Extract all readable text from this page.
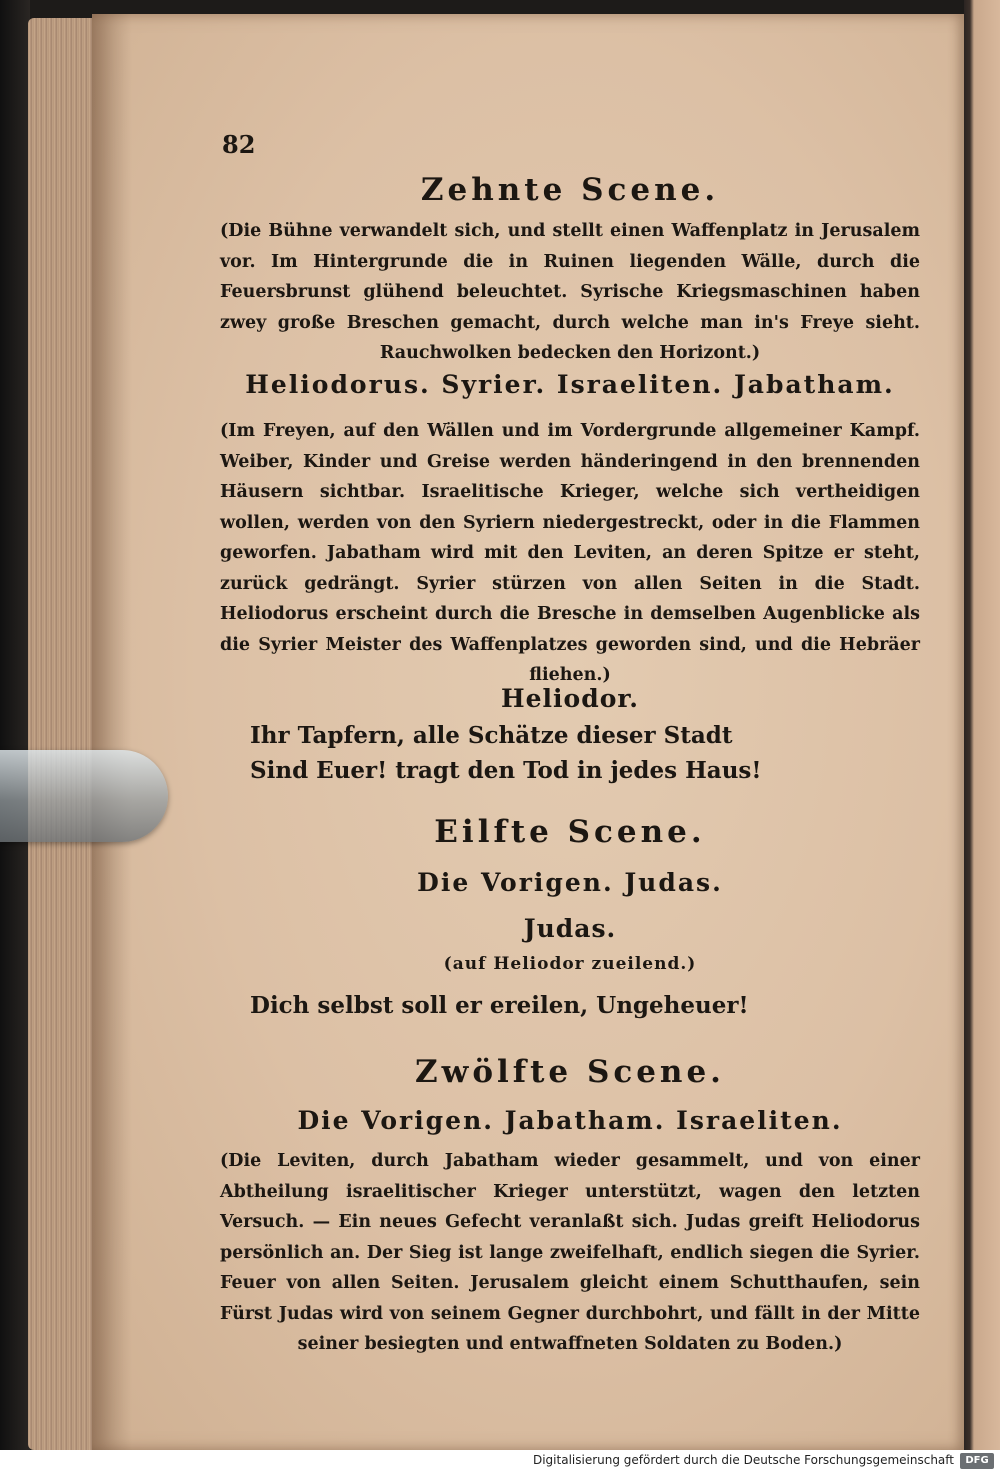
82
Zehnte Scene.
(Die Bühne verwandelt sich, und stellt einen Waffenplatz in Jerusalem vor. Im Hintergrunde die in Ruinen liegenden Wälle, durch die Feuersbrunst glühend beleuchtet. Syrische Kriegsmaschinen haben zwey große Breschen gemacht, durch welche man in's Freye sieht. Rauchwolken bedecken den Horizont.)
Heliodorus. Syrier. Israeliten. Jabatham.
(Im Freyen, auf den Wällen und im Vordergrunde allgemeiner Kampf. Weiber, Kinder und Greise werden händeringend in den brennenden Häusern sichtbar. Israelitische Krieger, welche sich vertheidigen wollen, werden von den Syriern niedergestreckt, oder in die Flammen geworfen. Jabatham wird mit den Leviten, an deren Spitze er steht, zurück gedrängt. Syrier stürzen von allen Seiten in die Stadt. Heliodorus erscheint durch die Bresche in demselben Augenblicke als die Syrier Meister des Waffenplatzes geworden sind, und die Hebräer fliehen.)
Heliodor.
Ihr Tapfern, alle Schätze dieser Stadt
Sind Euer! tragt den Tod in jedes Haus!
Eilfte Scene.
Die Vorigen. Judas.
Judas.
(auf Heliodor zueilend.)
Dich selbst soll er ereilen, Ungeheuer!
Zwölfte Scene.
Die Vorigen. Jabatham. Israeliten.
(Die Leviten, durch Jabatham wieder gesammelt, und von einer Abtheilung israelitischer Krieger unterstützt, wagen den letzten Versuch. — Ein neues Gefecht veranlaßt sich. Judas greift Heliodorus persönlich an. Der Sieg ist lange zweifelhaft, endlich siegen die Syrier. Feuer von allen Seiten. Jerusalem gleicht einem Schutthaufen, sein Fürst Judas wird von seinem Gegner durchbohrt, und fällt in der Mitte seiner besiegten und entwaffneten Soldaten zu Boden.)
Digitalisierung gefördert durch die Deutsche Forschungsgemeinschaft	DFG
